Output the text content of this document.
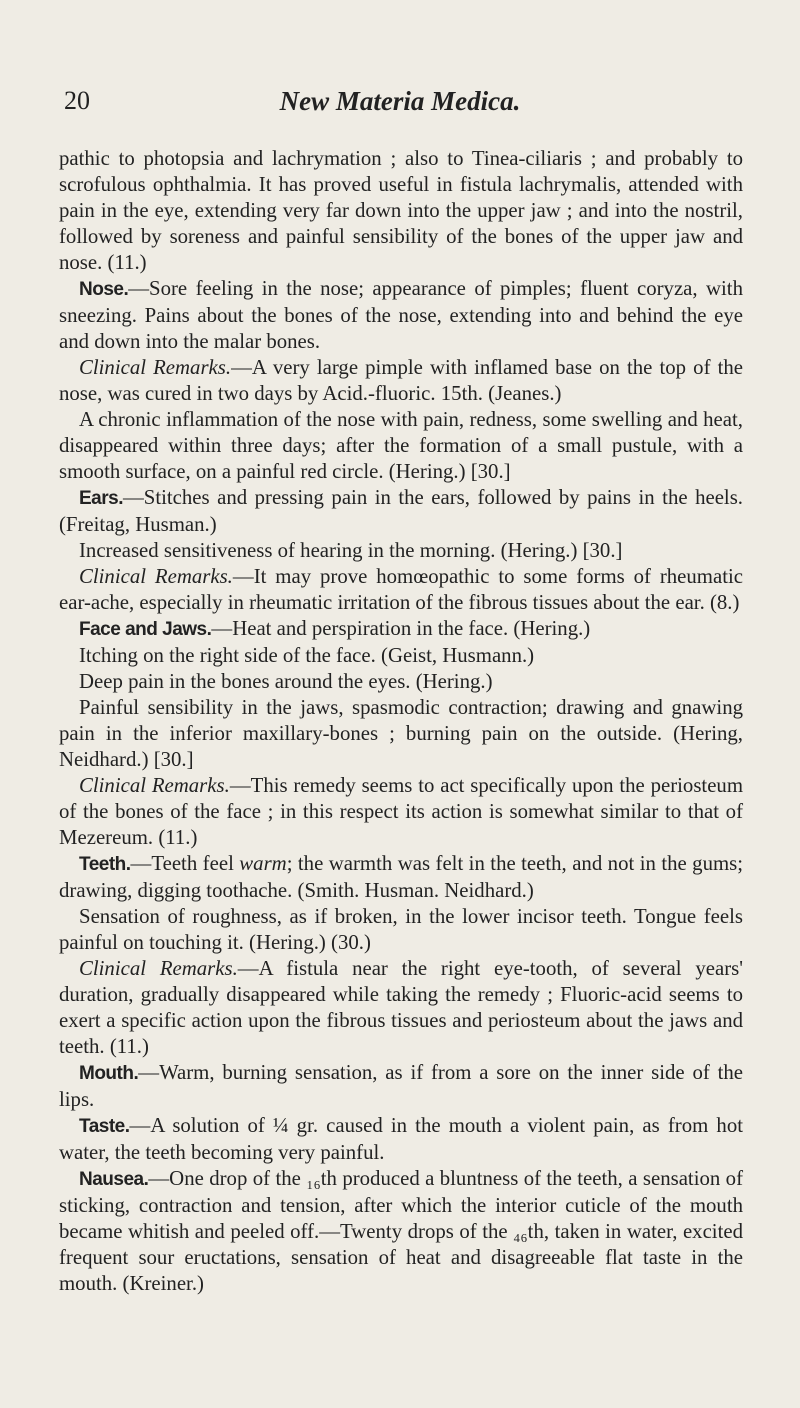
20	New Materia Medica.

pathic to photopsia and lachrymation ; also to Tinea-ciliaris ; and probably to scrofulous ophthalmia. It has proved useful in fistula lachrymalis, attended with pain in the eye, extending very far down into the upper jaw ; and into the nostril, followed by soreness and painful sensibility of the bones of the upper jaw and nose. (11.)

Nose.—Sore feeling in the nose; appearance of pimples; fluent coryza, with sneezing. Pains about the bones of the nose, extending into and behind the eye and down into the malar bones.

Clinical Remarks.—A very large pimple with inflamed base on the top of the nose, was cured in two days by Acid.-fluoric. 15th. (Jeanes.)

A chronic inflammation of the nose with pain, redness, some swelling and heat, disappeared within three days; after the formation of a small pustule, with a smooth surface, on a painful red circle. (Hering.) [30.]

Ears.—Stitches and pressing pain in the ears, followed by pains in the heels. (Freitag, Husman.)

Increased sensitiveness of hearing in the morning. (Hering.) [30.]

Clinical Remarks.—It may prove homœopathic to some forms of rheumatic ear-ache, especially in rheumatic irritation of the fibrous tissues about the ear. (8.)

Face and Jaws.—Heat and perspiration in the face. (Hering.)

Itching on the right side of the face. (Geist, Husmann.)

Deep pain in the bones around the eyes. (Hering.)

Painful sensibility in the jaws, spasmodic contraction; drawing and gnawing pain in the inferior maxillary-bones ; burning pain on the outside. (Hering, Neidhard.) [30.]

Clinical Remarks.—This remedy seems to act specifically upon the periosteum of the bones of the face ; in this respect its action is somewhat similar to that of Mezereum. (11.)

Teeth.—Teeth feel warm; the warmth was felt in the teeth, and not in the gums; drawing, digging toothache. (Smith. Husman. Neidhard.)

Sensation of roughness, as if broken, in the lower incisor teeth. Tongue feels painful on touching it. (Hering.) (30.)

Clinical Remarks.—A fistula near the right eye-tooth, of several years' duration, gradually disappeared while taking the remedy ; Fluoric-acid seems to exert a specific action upon the fibrous tissues and periosteum about the jaws and teeth. (11.)

Mouth.—Warm, burning sensation, as if from a sore on the inner side of the lips.

Taste.—A solution of ¼ gr. caused in the mouth a violent pain, as from hot water, the teeth becoming very painful.

Nausea.—One drop of the ₁₆th produced a bluntness of the teeth, a sensation of sticking, contraction and tension, after which the interior cuticle of the mouth became whitish and peeled off.—Twenty drops of the ₄₆th, taken in water, excited frequent sour eructations, sensation of heat and disagreeable flat taste in the mouth. (Kreiner.)
